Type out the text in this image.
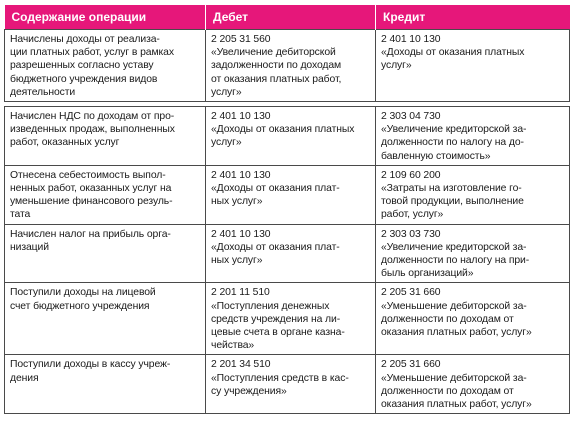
Содержание операции	Дебет	Кредит

Начислены доходы от реализа-
ции платных работ, услуг в рамках
разрешенных согласно уставу
бюджетного учреждения видов
деятельности	2 205 31 560
«Увеличение дебиторской
задолженности по доходам
от оказания платных работ,
услуг»	2 401 10 130
«Доходы от оказания платных
услуг»

Начислен НДС по доходам от про-
изведенных продаж, выполненных
работ, оказанных услуг	2 401 10 130
«Доходы от оказания платных
услуг»	2 303 04 730
«Увеличение кредиторской за-
долженности по налогу на до-
бавленную стоимость»

Отнесена себестоимость выпол-
ненных работ, оказанных услуг на
уменьшение финансового резуль-
тата	2 401 10 130
«Доходы от оказания плат-
ных услуг»	2 109 60 200
«Затраты на изготовление го-
товой продукции, выполнение
работ, услуг»

Начислен налог на прибыль орга-
низаций	2 401 10 130
«Доходы от оказания плат-
ных услуг»	2 303 03 730
«Увеличение кредиторской за-
долженности по налогу на при-
быль организаций»

Поступили доходы на лицевой
счет бюджетного учреждения	2 201 11 510
«Поступления денежных
средств учреждения на ли-
цевые счета в органе казна-
чейства»	2 205 31 660
«Уменьшение дебиторской за-
долженности по доходам от
оказания платных работ, услуг»

Поступили доходы в кассу учреж-
дения	2 201 34 510
«Поступления средств в кас-
су учреждения»	2 205 31 660
«Уменьшение дебиторской за-
долженности по доходам от
оказания платных работ, услуг»
